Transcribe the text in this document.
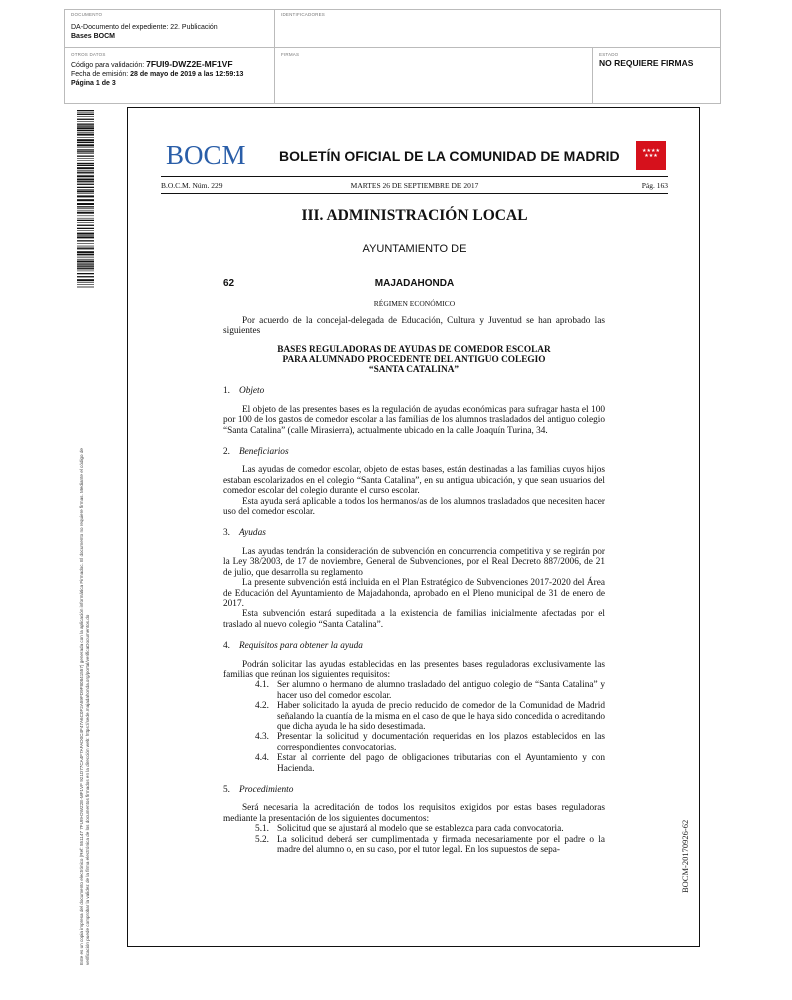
DOCUMENTO
DA-Documento del expediente: 22. Publicación
Bases BOCM
IDENTIFICADORES
OTROS DATOS
Código para validación: 7FUI9-DWZ2E-MF1VF
Fecha de emisión: 28 de mayo de 2019 a las 12:59:13
Página 1 de 3
FIRMAS	ESTADO
NO REQUIERE FIRMAS
Este es un copia impresa del documento electrónico (Ref: 551147 7FUI9-DWZ2E-MF1VF 921D77CA4F7AFAD0C4F47A6C0F2A59FD9F80841557) generada con la aplicación informática Firmadoc. El documento no requiere firmas. Mediante el código de verificación puede comprobar la validez de la firma electrónica de los documentos firmados en la dirección web: https://sede.majadahonda.org/portal/verificaDocumentos.do
BOCM BOLETÍN OFICIAL DE LA COMUNIDAD DE MADRID	★★★★
★★★
B.O.C.M. Núm. 229	MARTES 26 DE SEPTIEMBRE DE 2017	Pág. 163
III. ADMINISTRACIÓN LOCAL
AYUNTAMIENTO DE
62	MAJADAHONDA
RÉGIMEN ECONÓMICO

Por acuerdo de la concejal-delegada de Educación, Cultura y Juventud se han aprobado las siguientes

BASES REGULADORAS DE AYUDAS DE COMEDOR ESCOLAR
PARA ALUMNADO PROCEDENTE DEL ANTIGUO COLEGIO
“SANTA CATALINA”

1. Objeto

El objeto de las presentes bases es la regulación de ayudas económicas para sufragar hasta el 100 por 100 de los gastos de comedor escolar a las familias de los alumnos trasladados del antiguo colegio “Santa Catalina” (calle Mirasierra), actualmente ubicado en la calle Joaquín Turina, 34.

2. Beneficiarios

Las ayudas de comedor escolar, objeto de estas bases, están destinadas a las familias cuyos hijos estaban escolarizados en el colegio “Santa Catalina”, en su antigua ubicación, y que sean usuarios del comedor escolar del colegio durante el curso escolar.

Esta ayuda será aplicable a todos los hermanos/as de los alumnos trasladados que necesiten hacer uso del comedor escolar.

3. Ayudas

Las ayudas tendrán la consideración de subvención en concurrencia competitiva y se regirán por la Ley 38/2003, de 17 de noviembre, General de Subvenciones, por el Real Decreto 887/2006, de 21 de julio, que desarrolla su reglamento

La presente subvención está incluida en el Plan Estratégico de Subvenciones 2017-2020 del Área de Educación del Ayuntamiento de Majadahonda, aprobado en el Pleno municipal de 31 de enero de 2017.

Esta subvención estará supeditada a la existencia de familias inicialmente afectadas por el traslado al nuevo colegio “Santa Catalina”.

4. Requisitos para obtener la ayuda

Podrán solicitar las ayudas establecidas en las presentes bases reguladoras exclusivamente las familias que reúnan los siguientes requisitos:

4.1. Ser alumno o hermano de alumno trasladado del antiguo colegio de “Santa Catalina” y hacer uso del comedor escolar.
4.2. Haber solicitado la ayuda de precio reducido de comedor de la Comunidad de Madrid señalando la cuantía de la misma en el caso de que le haya sido concedida o acreditando que dicha ayuda le ha sido desestimada.
4.3. Presentar la solicitud y documentación requeridas en los plazos establecidos en las correspondientes convocatorias.
4.4. Estar al corriente del pago de obligaciones tributarias con el Ayuntamiento y con Hacienda.

5. Procedimiento

Será necesaria la acreditación de todos los requisitos exigidos por estas bases reguladoras mediante la presentación de los siguientes documentos:

5.1. Solicitud que se ajustará al modelo que se establezca para cada convocatoria.
5.2. La solicitud deberá ser cumplimentada y firmada necesariamente por el padre o la madre del alumno o, en su caso, por el tutor legal. En los supuestos de sepa-	BOCM-20170926-62
